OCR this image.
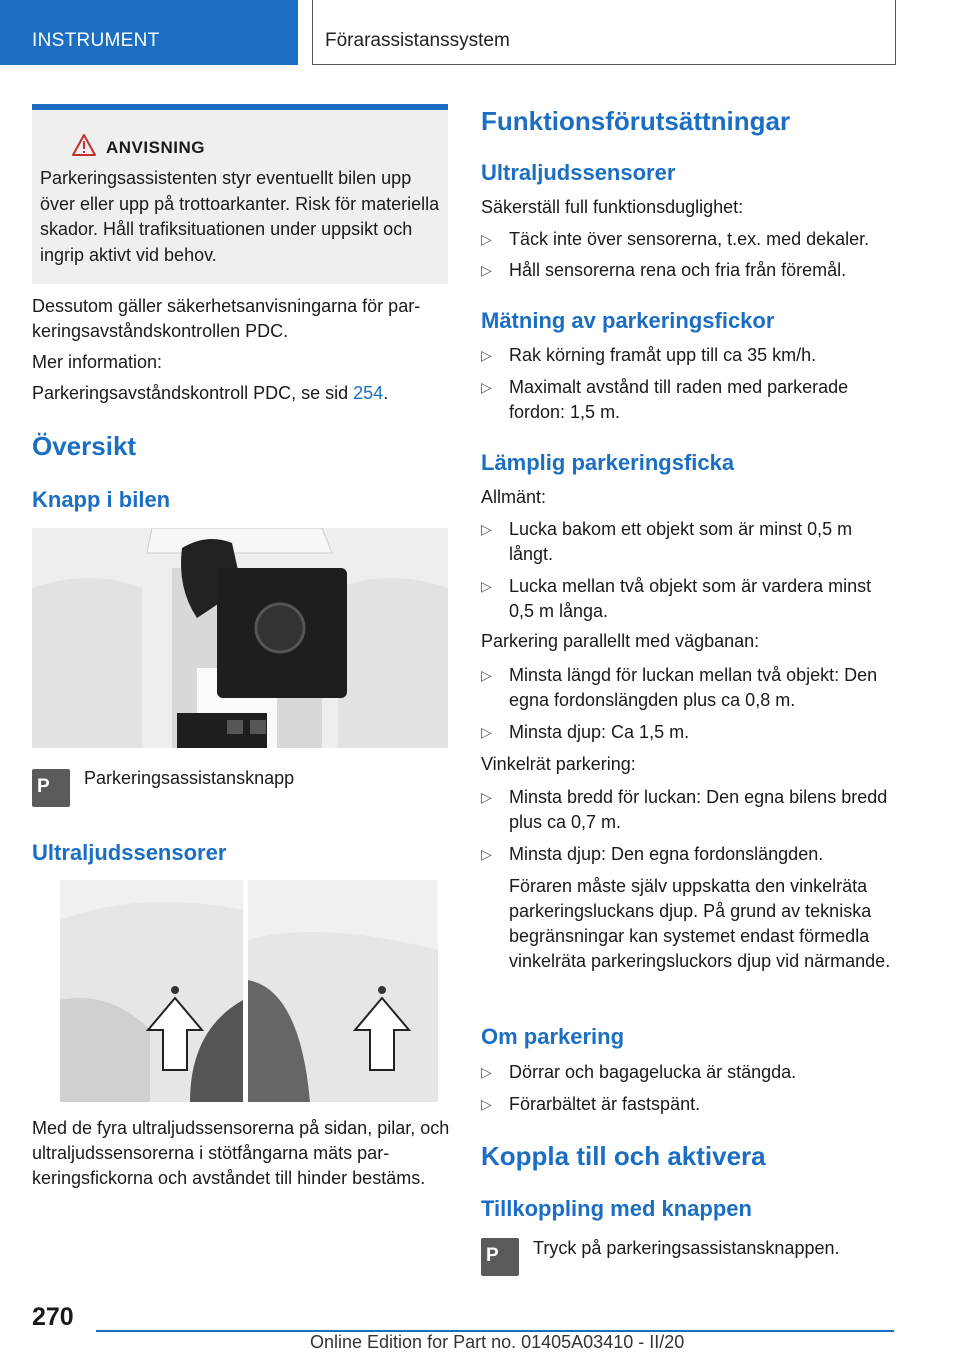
INSTRUMENT	Förarassistanssystem
ANVISNING
Parkeringsassistenten styr eventuellt bilen upp över eller upp på trottoarkanter. Risk för materiella skador. Håll trafiksituationen under uppsikt och ingrip aktivt vid behov.

Dessutom gäller säkerhetsanvisningarna för parkeringsavståndskontrollen PDC.

Mer information:

Parkeringsavståndskontroll PDC, se sid 254.

Översikt
Knapp i bilen
P Parkeringsassistansknapp

Ultraljudssensorer

Med de fyra ultraljudssensorerna på sidan, pilar, och ultraljudssensorerna i stötfångarna mäts parkeringsfickorna och avståndet till hinder bestäms.

Funktionsförutsättningar
Ultraljudssensorer

Säkerställ full funktionsduglighet:

▷ Täck inte över sensorerna, t.ex. med dekaler.

▷ Håll sensorerna rena och fria från föremål.

Mätning av parkeringsfickor

▷ Rak körning framåt upp till ca 35 km/h.

▷ Maximalt avstånd till raden med parkerade fordon: 1,5 m.

Lämplig parkeringsficka

Allmänt:

▷ Lucka bakom ett objekt som är minst 0,5 m långt.

▷ Lucka mellan två objekt som är vardera minst 0,5 m långa.

Parkering parallellt med vägbanan:

▷ Minsta längd för luckan mellan två objekt: Den egna fordonslängden plus ca 0,8 m.

▷ Minsta djup: Ca 1,5 m.

Vinkelrät parkering:

▷ Minsta bredd för luckan: Den egna bilens bredd plus ca 0,7 m.

▷ Minsta djup: Den egna fordonslängden.

Föraren måste själv uppskatta den vinkelräta parkeringsluckans djup. På grund av tekniska begränsningar kan systemet endast förmedla vinkelräta parkeringsluckors djup vid närmande.

Om parkering

▷ Dörrar och bagagelucka är stängda.

▷ Förarbältet är fastspänt.

Koppla till och aktivera
Tillkoppling med knappen
P Tryck på parkeringsassistansknappen.

270
Online Edition for Part no. 01405A03410 - II/20
